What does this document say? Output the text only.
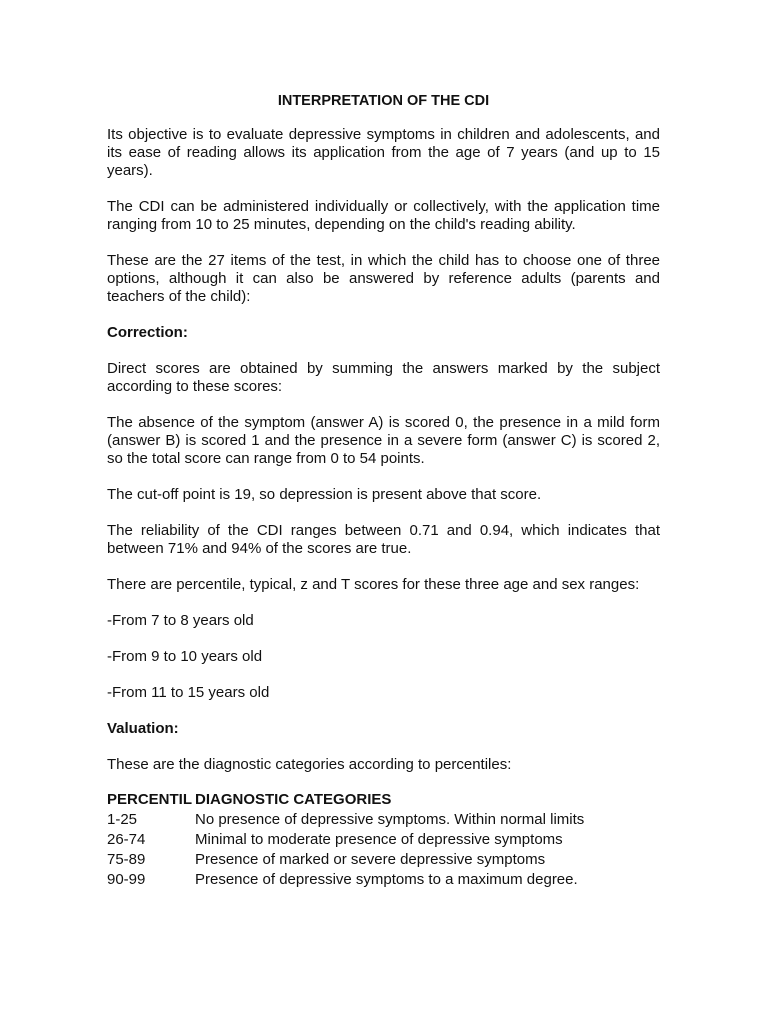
INTERPRETATION OF THE CDI

Its objective is to evaluate depressive symptoms in children and adolescents, and its ease of reading allows its application from the age of 7 years (and up to 15 years).

The CDI can be administered individually or collectively, with the application time ranging from 10 to 25 minutes, depending on the child's reading ability.

These are the 27 items of the test, in which the child has to choose one of three options, although it can also be answered by reference adults (parents and teachers of the child):

Correction:

Direct scores are obtained by summing the answers marked by the subject according to these scores:

The absence of the symptom (answer A) is scored 0, the presence in a mild form (answer B) is scored 1 and the presence in a severe form (answer C) is scored 2, so the total score can range from 0 to 54 points.

The cut-off point is 19, so depression is present above that score.

The reliability of the CDI ranges between 0.71 and 0.94, which indicates that between 71% and 94% of the scores are true.

There are percentile, typical, z and T scores for these three age and sex ranges:

-From 7 to 8 years old
-From 9 to 10 years old
-From 11 to 15 years old
Valuation:

These are the diagnostic categories according to percentiles:

PERCENTIL DIAGNOSTIC CATEGORIES
1-25	No presence of depressive symptoms. Within normal limits
26-74	Minimal to moderate presence of depressive symptoms
75-89	Presence of marked or severe depressive symptoms
90-99	Presence of depressive symptoms to a maximum degree.
